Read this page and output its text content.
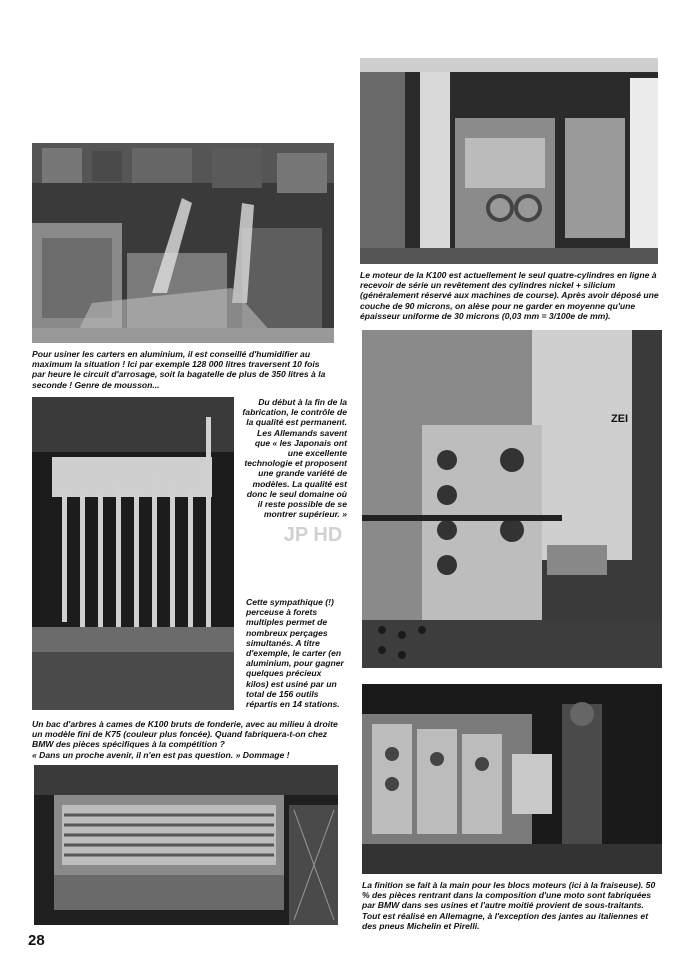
Pour usiner les carters en aluminium, il est conseillé d'humidifier au maximum la situation ! Ici par exemple 128 000 litres traversent 10 fois par heure le circuit d'arrosage, soit la bagatelle de plus de 350 litres à la seconde ! Genre de mousson...

Le moteur de la K100 est actuellement le seul quatre-cylindres en ligne à recevoir de série un revêtement des cylindres nickel + silicium (généralement réservé aux machines de course). Après avoir déposé une couche de 90 microns, on alèse pour ne garder en moyenne qu'une épaisseur uniforme de 30 microns (0,03 mm = 3/100e de mm).

Du début à la fin de la fabrication, le contrôle de la qualité est permanent. Les Allemands savent que « les Japonais ont une excellente technologie et proposent une grande variété de modèles. La qualité est donc le seul domaine où il reste possible de se montrer supérieur. »

JP HD

Cette sympathique (!) perceuse à forets multiples permet de nombreux perçages simultanés. A titre d'exemple, le carter (en aluminium, pour gagner quelques précieux kilos) est usiné par un total de 156 outils répartis en 14 stations.

ZEI

Un bac d'arbres à cames de K100 bruts de fonderie, avec au milieu à droite un modèle fini de K75 (couleur plus foncée). Quand fabriquera-t-on chez BMW des pièces spécifiques à la compétition ?

« Dans un proche avenir, il n'en est pas question. » Dommage !

La finition se fait à la main pour les blocs moteurs (ici à la fraiseuse). 50 % des pièces rentrant dans la composition d'une moto sont fabriquées par BMW dans ses usines et l'autre moitié provient de sous-traitants. Tout est réalisé en Allemagne, à l'exception des jantes au italiennes et des pneus Michelin et Pirelli.

28
